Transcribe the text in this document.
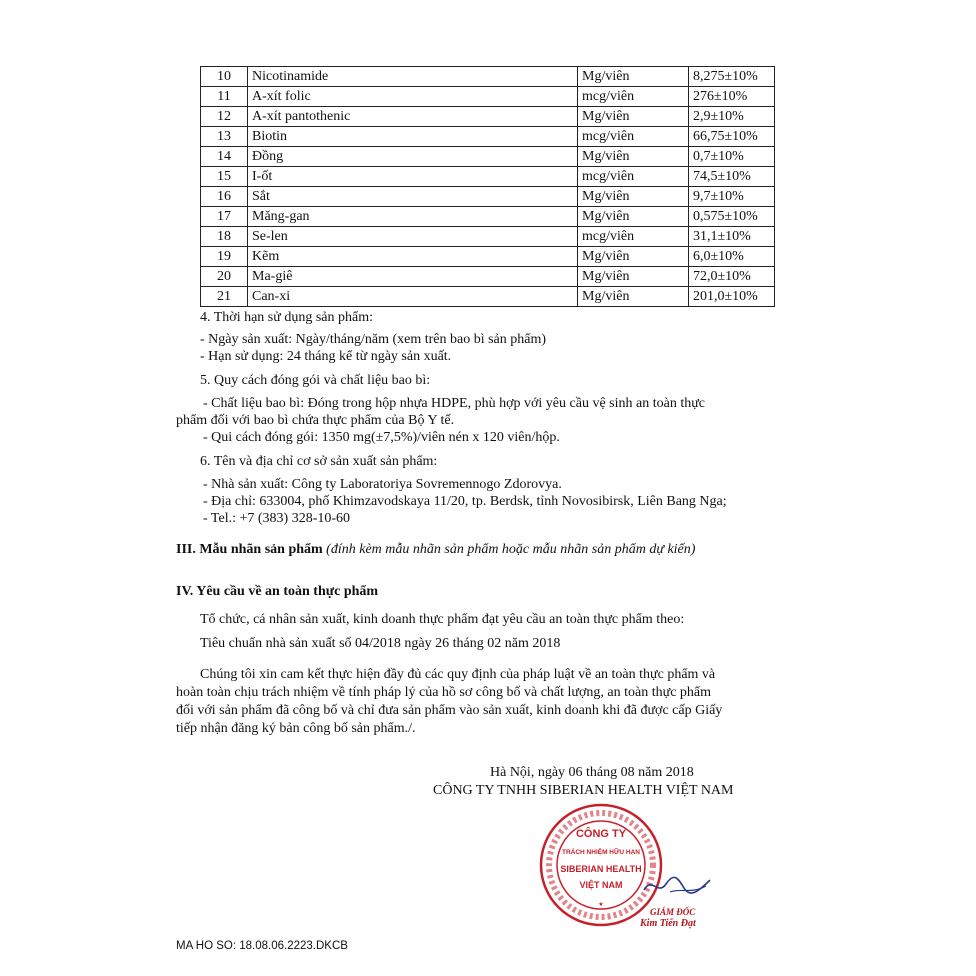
10	Nicotinamide	Mg/viên	8,275±10%
11	A-xít folic	mcg/viên	276±10%
12	A-xít pantothenic	Mg/viên	2,9±10%
13	Biotin	mcg/viên	66,75±10%
14	Đồng	Mg/viên	0,7±10%
15	I-ốt	mcg/viên	74,5±10%
16	Sắt	Mg/viên	9,7±10%
17	Măng-gan	Mg/viên	0,575±10%
18	Se-len	mcg/viên	31,1±10%
19	Kẽm	Mg/viên	6,0±10%
20	Ma-giê	Mg/viên	72,0±10%
21	Can-xi	Mg/viên	201,0±10%
4. Thời hạn sử dụng sản phẩm:
- Ngày sản xuất: Ngày/tháng/năm (xem trên bao bì sản phẩm)
- Hạn sử dụng: 24 tháng kể từ ngày sản xuất.
5. Quy cách đóng gói và chất liệu bao bì:
- Chất liệu bao bì: Đóng trong hộp nhựa HDPE, phù hợp với yêu cầu vệ sinh an toàn thực
phẩm đối với bao bì chứa thực phẩm của Bộ Y tế.
- Qui cách đóng gói: 1350 mg(±7,5%)/viên nén x 120 viên/hộp.
6. Tên và địa chỉ cơ sở sản xuất sản phẩm:
- Nhà sản xuất: Công ty Laboratoriya Sovremennogo Zdorovya.
- Địa chỉ: 633004, phố Khimzavodskaya 11/20, tp. Berdsk, tỉnh Novosibirsk, Liên Bang Nga;
- Tel.: +7 (383) 328-10-60
III. Mẫu nhãn sản phẩm (đính kèm mẫu nhãn sản phẩm hoặc mẫu nhãn sản phẩm dự kiến)
IV. Yêu cầu về an toàn thực phẩm
Tổ chức, cá nhân sản xuất, kinh doanh thực phẩm đạt yêu cầu an toàn thực phẩm theo:
Tiêu chuẩn nhà sản xuất số 04/2018 ngày 26 tháng 02 năm 2018
Chúng tôi xin cam kết thực hiện đầy đủ các quy định của pháp luật về an toàn thực phẩm và
hoàn toàn chịu trách nhiệm về tính pháp lý của hồ sơ công bố và chất lượng, an toàn thực phẩm
đối với sản phẩm đã công bố và chỉ đưa sản phẩm vào sản xuất, kinh doanh khi đã được cấp Giấy
tiếp nhận đăng ký bản công bố sản phẩm./.
Hà Nội, ngày 06 tháng 08 năm 2018
CÔNG TY TNHH SIBERIAN HEALTH VIỆT NAM
CÔNG TY
TRÁCH NHIỆM HỮU HẠN
SIBERIAN HEALTH
VIỆT NAM
★
GIÁM ĐỐC
Kim Tiến Đạt
MA HO SO: 18.08.06.2223.DKCB
